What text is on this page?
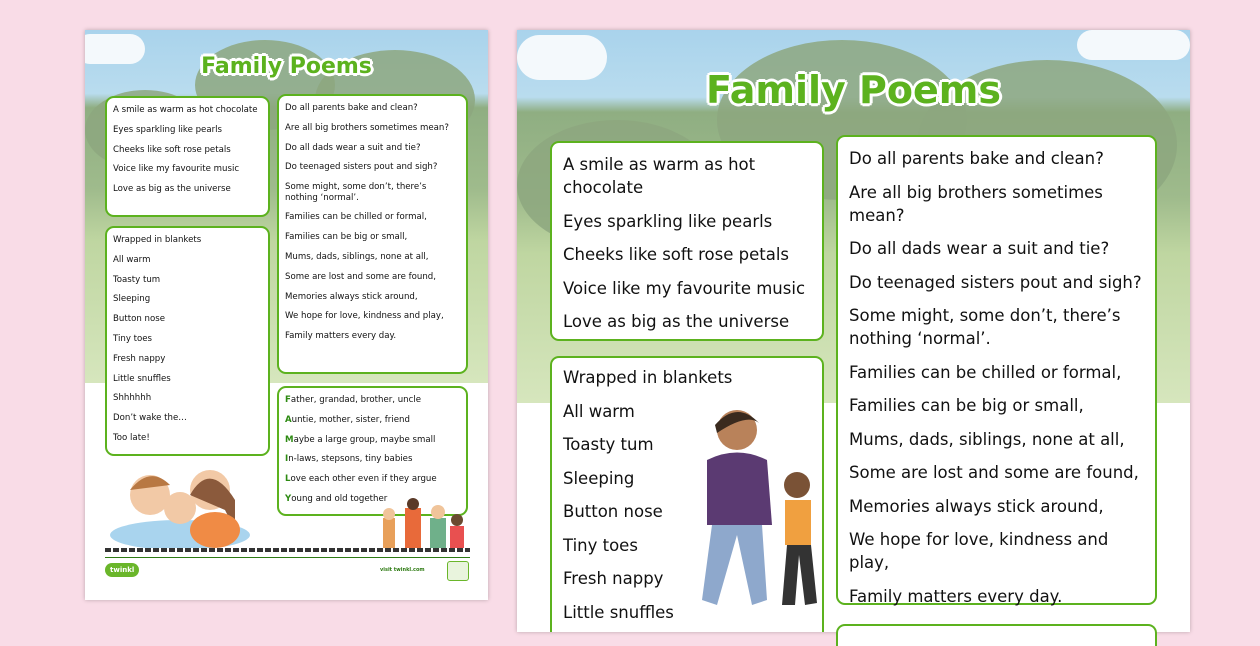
Family Poems
A smile as warm as hot chocolate
Eyes sparkling like pearls
Cheeks like soft rose petals
Voice like my favourite music
Love as big as the universe
Wrapped in blankets
All warm
Toasty tum
Sleeping
Button nose
Tiny toes
Fresh nappy
Little snuffles
Shhhhhh
Don’t wake the…
Too late!
Do all parents bake and clean?
Are all big brothers sometimes mean?
Do all dads wear a suit and tie?
Do teenaged sisters pout and sigh?
Some might, some don’t, there’s nothing ‘normal’.
Families can be chilled or formal,
Families can be big or small,
Mums, dads, siblings, none at all,
Some are lost and some are found,
Memories always stick around,
We hope for love, kindness and play,
Family matters every day.
Father, grandad, brother, uncle
Auntie, mother, sister, friend
Maybe a large group, maybe small
In-laws, stepsons, tiny babies
Love each other even if they argue
Young and old together
twinkl	visit twinkl.com
Family Poems
A smile as warm as hot chocolate
Eyes sparkling like pearls
Cheeks like soft rose petals
Voice like my favourite music
Love as big as the universe
Wrapped in blankets
All warm
Toasty tum
Sleeping
Button nose
Tiny toes
Fresh nappy
Little snuffles
Do all parents bake and clean?
Are all big brothers sometimes mean?
Do all dads wear a suit and tie?
Do teenaged sisters pout and sigh?
Some might, some don’t, there’s nothing ‘normal’.
Families can be chilled or formal,
Families can be big or small,
Mums, dads, siblings, none at all,
Some are lost and some are found,
Memories always stick around,
We hope for love, kindness and play,
Family matters every day.
